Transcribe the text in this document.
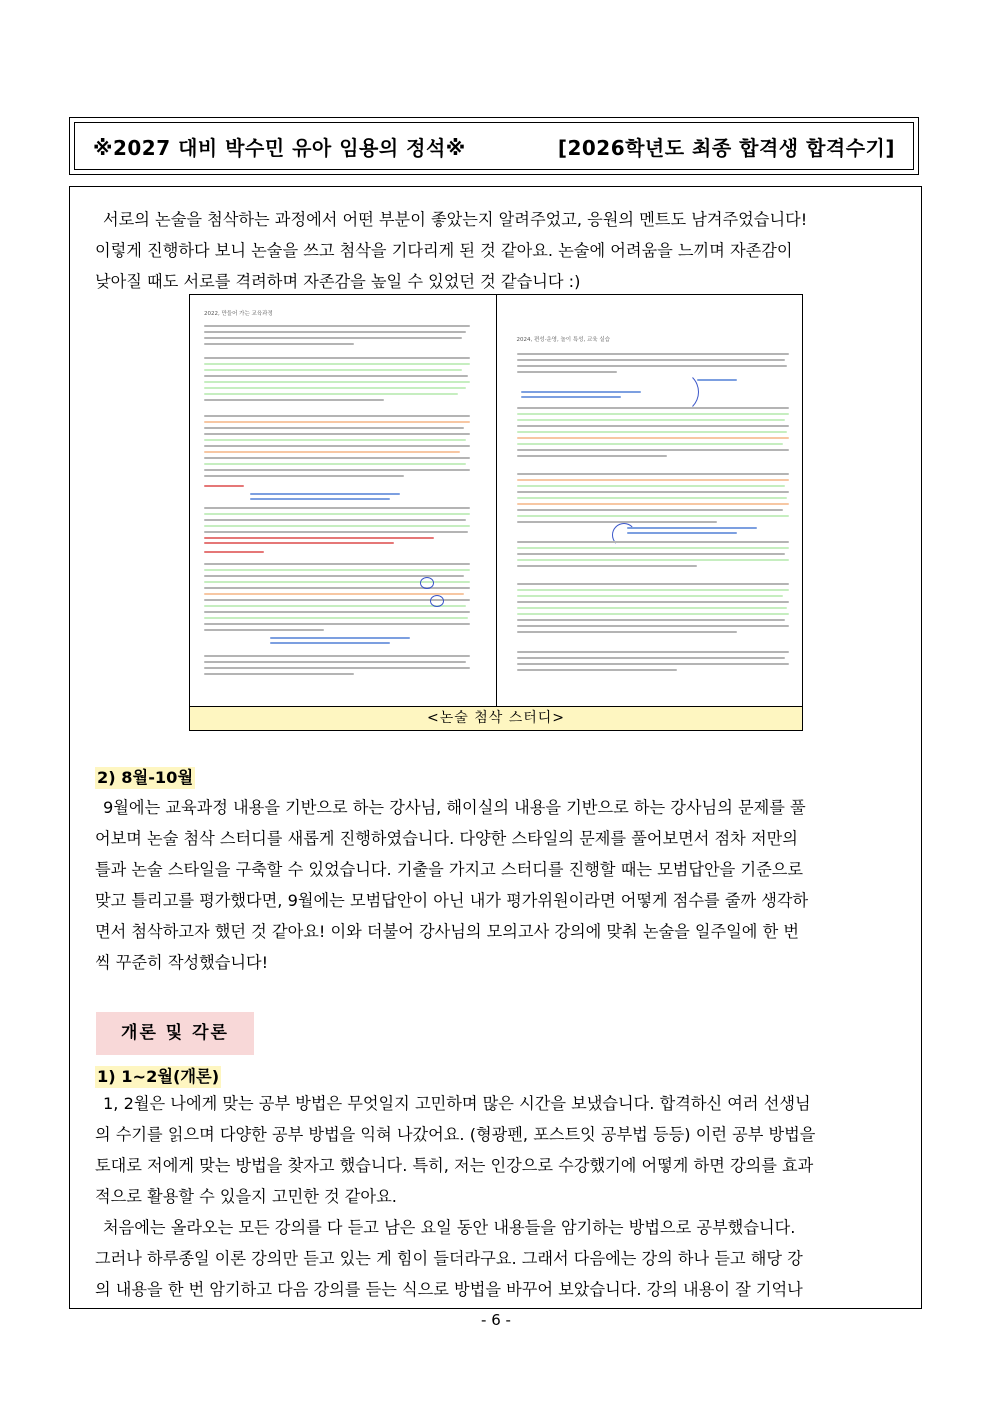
※2027 대비 박수민 유아 임용의 정석※	[2026학년도 최종 합격생 합격수기]

서로의 논술을 첨삭하는 과정에서 어떤 부분이 좋았는지 알려주었고, 응원의 멘트도 남겨주었습니다!

이렇게 진행하다 보니 논술을 쓰고 첨삭을 기다리게 된 것 같아요. 논술에 어려움을 느끼며 자존감이

낮아질 때도 서로를 격려하며 자존감을 높일 수 있었던 것 같습니다 :)

2022, 만들어 가는 교육과정
2024, 편성·운영, 놀이 특성, 교육 실습
<논술 첨삭 스터디>
2) 8월-10월

9월에는 교육과정 내용을 기반으로 하는 강사님, 해이실의 내용을 기반으로 하는 강사님의 문제를 풀

어보며 논술 첨삭 스터디를 새롭게 진행하였습니다. 다양한 스타일의 문제를 풀어보면서 점차 저만의

틀과 논술 스타일을 구축할 수 있었습니다. 기출을 가지고 스터디를 진행할 때는 모범답안을 기준으로

맞고 틀리고를 평가했다면, 9월에는 모범답안이 아닌 내가 평가위원이라면 어떻게 점수를 줄까 생각하

면서 첨삭하고자 했던 것 같아요! 이와 더불어 강사님의 모의고사 강의에 맞춰 논술을 일주일에 한 번

씩 꾸준히 작성했습니다!

개론 및 각론
1) 1~2월(개론)

1, 2월은 나에게 맞는 공부 방법은 무엇일지 고민하며 많은 시간을 보냈습니다. 합격하신 여러 선생님

의 수기를 읽으며 다양한 공부 방법을 익혀 나갔어요. (형광펜, 포스트잇 공부법 등등) 이런 공부 방법을

토대로 저에게 맞는 방법을 찾자고 했습니다. 특히, 저는 인강으로 수강했기에 어떻게 하면 강의를 효과

적으로 활용할 수 있을지 고민한 것 같아요.

처음에는 올라오는 모든 강의를 다 듣고 남은 요일 동안 내용들을 암기하는 방법으로 공부했습니다.

그러나 하루종일 이론 강의만 듣고 있는 게 힘이 들더라구요. 그래서 다음에는 강의 하나 듣고 해당 강

의 내용을 한 번 암기하고 다음 강의를 듣는 식으로 방법을 바꾸어 보았습니다. 강의 내용이 잘 기억나

- 6 -
